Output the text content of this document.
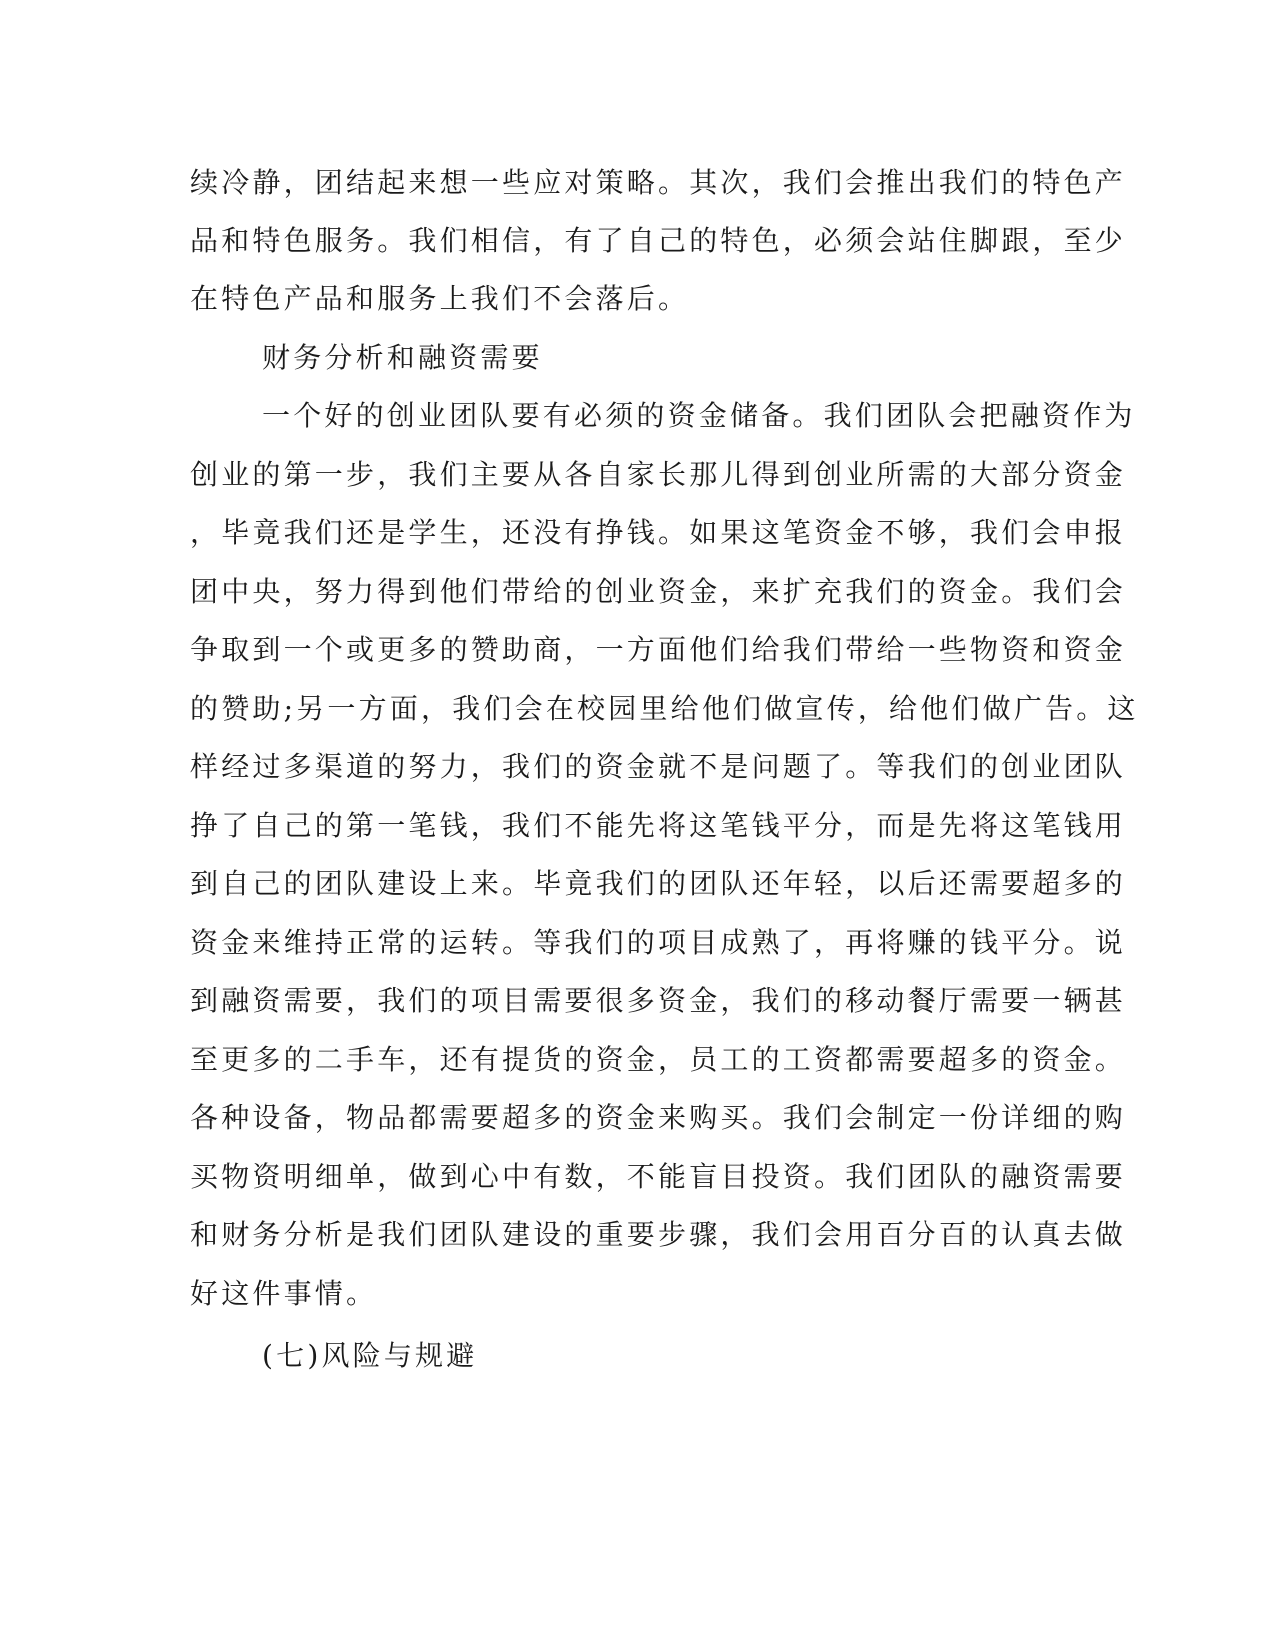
续冷静，团结起来想一些应对策略。其次，我们会推出我们的特色产
品和特色服务。我们相信，有了自己的特色，必须会站住脚跟，至少
在特色产品和服务上我们不会落后。
财务分析和融资需要
一个好的创业团队要有必须的资金储备。我们团队会把融资作为
创业的第一步，我们主要从各自家长那儿得到创业所需的大部分资金
，毕竟我们还是学生，还没有挣钱。如果这笔资金不够，我们会申报
团中央，努力得到他们带给的创业资金，来扩充我们的资金。我们会
争取到一个或更多的赞助商，一方面他们给我们带给一些物资和资金
的赞助;另一方面，我们会在校园里给他们做宣传，给他们做广告。这
样经过多渠道的努力，我们的资金就不是问题了。等我们的创业团队
挣了自己的第一笔钱，我们不能先将这笔钱平分，而是先将这笔钱用
到自己的团队建设上来。毕竟我们的团队还年轻，以后还需要超多的
资金来维持正常的运转。等我们的项目成熟了，再将赚的钱平分。说
到融资需要，我们的项目需要很多资金，我们的移动餐厅需要一辆甚
至更多的二手车，还有提货的资金，员工的工资都需要超多的资金。
各种设备，物品都需要超多的资金来购买。我们会制定一份详细的购
买物资明细单，做到心中有数，不能盲目投资。我们团队的融资需要
和财务分析是我们团队建设的重要步骤，我们会用百分百的认真去做
好这件事情。
(七)风险与规避
